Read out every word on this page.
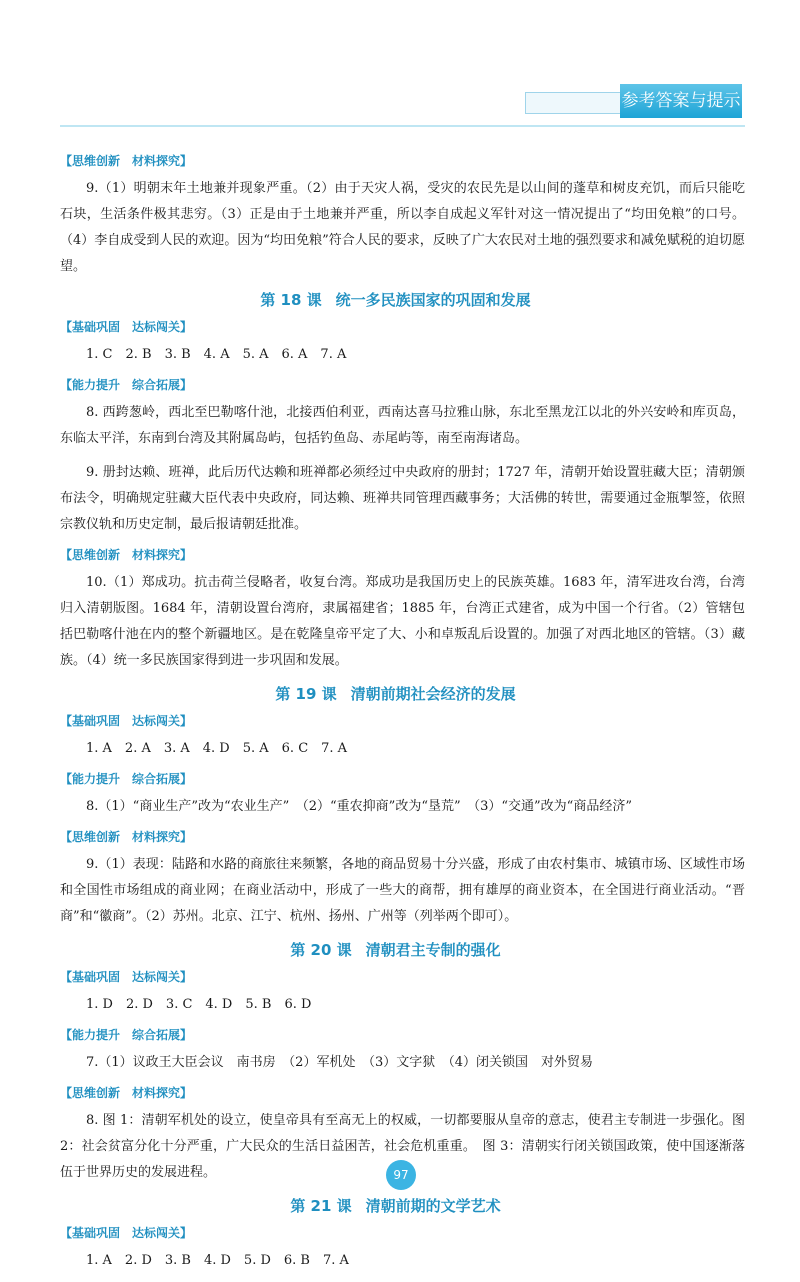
参考答案与提示
【思维创新　材料探究】

9.（1）明朝末年土地兼并现象严重。（2）由于天灾人祸，受灾的农民先是以山间的蓬草和树皮充饥，而后只能吃石块，生活条件极其悲穷。（3）正是由于土地兼并严重，所以李自成起义军针对这一情况提出了“均田免粮”的口号。（4）李自成受到人民的欢迎。因为“均田免粮”符合人民的要求，反映了广大农民对土地的强烈要求和减免赋税的迫切愿望。

第 18 课 统一多民族国家的巩固和发展
【基础巩固　达标闯关】

1. C　2. B　3. B　4. A　5. A　6. A　7. A

【能力提升　综合拓展】

8. 西跨葱岭，西北至巴勒喀什池，北接西伯利亚，西南达喜马拉雅山脉，东北至黑龙江以北的外兴安岭和库页岛，东临太平洋，东南到台湾及其附属岛屿，包括钓鱼岛、赤尾屿等，南至南海诸岛。

9. 册封达赖、班禅，此后历代达赖和班禅都必须经过中央政府的册封；1727 年，清朝开始设置驻藏大臣；清朝颁布法令，明确规定驻藏大臣代表中央政府，同达赖、班禅共同管理西藏事务；大活佛的转世，需要通过金瓶掣签，依照宗教仪轨和历史定制，最后报请朝廷批准。

【思维创新　材料探究】

10.（1）郑成功。抗击荷兰侵略者，收复台湾。郑成功是我国历史上的民族英雄。1683 年，清军进攻台湾，台湾归入清朝版图。1684 年，清朝设置台湾府，隶属福建省；1885 年，台湾正式建省，成为中国一个行省。（2）管辖包括巴勒喀什池在内的整个新疆地区。是在乾隆皇帝平定了大、小和卓叛乱后设置的。加强了对西北地区的管辖。（3）藏族。（4）统一多民族国家得到进一步巩固和发展。

第 19 课 清朝前期社会经济的发展
【基础巩固　达标闯关】

1. A　2. A　3. A　4. D　5. A　6. C　7. A

【能力提升　综合拓展】

8.（1）“商业生产”改为“农业生产”　（2）“重农抑商”改为“垦荒”　（3）“交通”改为“商品经济”

【思维创新　材料探究】

9.（1）表现：陆路和水路的商旅往来频繁，各地的商品贸易十分兴盛，形成了由农村集市、城镇市场、区域性市场和全国性市场组成的商业网；在商业活动中，形成了一些大的商帮，拥有雄厚的商业资本，在全国进行商业活动。“晋商”和“徽商”。（2）苏州。北京、江宁、杭州、扬州、广州等（列举两个即可）。

第 20 课 清朝君主专制的强化
【基础巩固　达标闯关】

1. D　2. D　3. C　4. D　5. B　6. D

【能力提升　综合拓展】

7.（1）议政王大臣会议　南书房　（2）军机处　（3）文字狱　（4）闭关锁国　对外贸易

【思维创新　材料探究】

8. 图 1：清朝军机处的设立，使皇帝具有至高无上的权威，一切都要服从皇帝的意志，使君主专制进一步强化。图 2：社会贫富分化十分严重，广大民众的生活日益困苦，社会危机重重。　图 3：清朝实行闭关锁国政策，使中国逐渐落伍于世界历史的发展进程。

第 21 课 清朝前期的文学艺术
【基础巩固　达标闯关】

1. A　2. D　3. B　4. D　5. D　6. B　7. A

97
